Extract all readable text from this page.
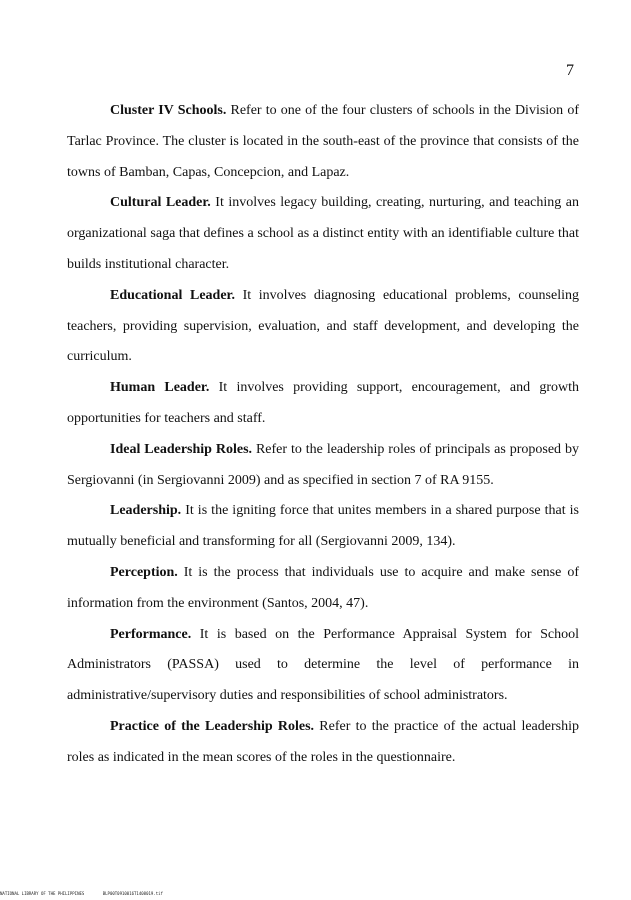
7

Cluster IV Schools. Refer to one of the four clusters of schools in the Division of Tarlac Province. The cluster is located in the south-east of the province that consists of the towns of Bamban, Capas, Concepcion, and Lapaz.

Cultural Leader. It involves legacy building, creating, nurturing, and teaching an organizational saga that defines a school as a distinct entity with an identifiable culture that builds institutional character.

Educational Leader. It involves diagnosing educational problems, counseling teachers, providing supervision, evaluation, and staff development, and developing the curriculum.

Human Leader. It involves providing support, encouragement, and growth opportunities for teachers and staff.

Ideal Leadership Roles. Refer to the leadership roles of principals as proposed by Sergiovanni (in Sergiovanni 2009) and as specified in section 7 of RA 9155.

Leadership. It is the igniting force that unites members in a shared purpose that is mutually beneficial and transforming for all (Sergiovanni 2009, 134).

Perception. It is the process that individuals use to acquire and make sense of information from the environment (Santos, 2004, 47).

Performance. It is based on the Performance Appraisal System for School Administrators (PASSA) used to determine the level of performance in administrative/supervisory duties and responsibilities of school administrators.

Practice of the Leadership Roles. Refer to the practice of the actual leadership roles as indicated in the mean scores of the roles in the questionnaire.

NATIONAL LIBRARY OF THE PHILIPPINES	BLP00T0910016T1408019.tif
